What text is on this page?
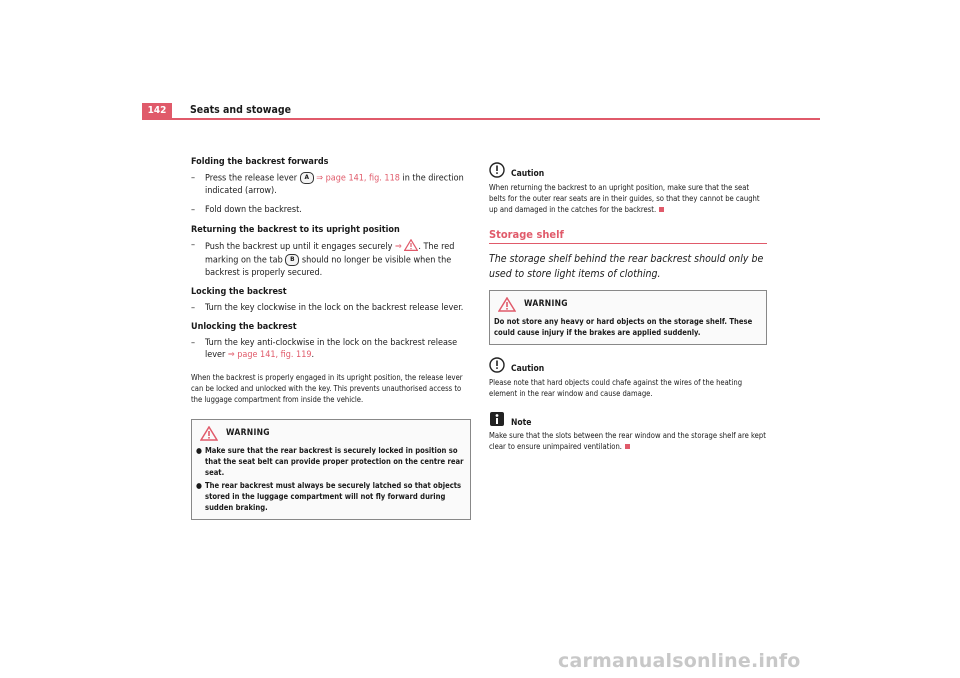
142	Seats and stowage
Folding the backrest forwards
– Press the release lever A ⇒ page 141, fig. 118 in the direction indicated (arrow).
– Fold down the backrest.
Returning the backrest to its upright position
– Push the backrest up until it engages securely ⇒ . The red marking on the tab B should no longer be visible when the backrest is properly secured.
Locking the backrest
– Turn the key clockwise in the lock on the backrest release lever.
Unlocking the backrest
– Turn the key anti-clockwise in the lock on the backrest release lever ⇒ page 141, fig. 119.
When the backrest is properly engaged in its upright position, the release lever can be locked and unlocked with the key. This prevents unauthorised access to the luggage compartment from inside the vehicle.
WARNING
● Make sure that the rear backrest is securely locked in position so that the seat belt can provide proper protection on the centre rear seat.
● The rear backrest must always be securely latched so that objects stored in the luggage compartment will not fly forward during sudden braking.
Caution
When returning the backrest to an upright position, make sure that the seat belts for the outer rear seats are in their guides, so that they cannot be caught up and damaged in the catches for the backrest.
Storage shelf
The storage shelf behind the rear backrest should only be used to store light items of clothing.
WARNING
Do not store any heavy or hard objects on the storage shelf. These could cause injury if the brakes are applied suddenly.
Caution
Please note that hard objects could chafe against the wires of the heating element in the rear window and cause damage.
Note
Make sure that the slots between the rear window and the storage shelf are kept clear to ensure unimpaired ventilation.
carmanualsonline.info
